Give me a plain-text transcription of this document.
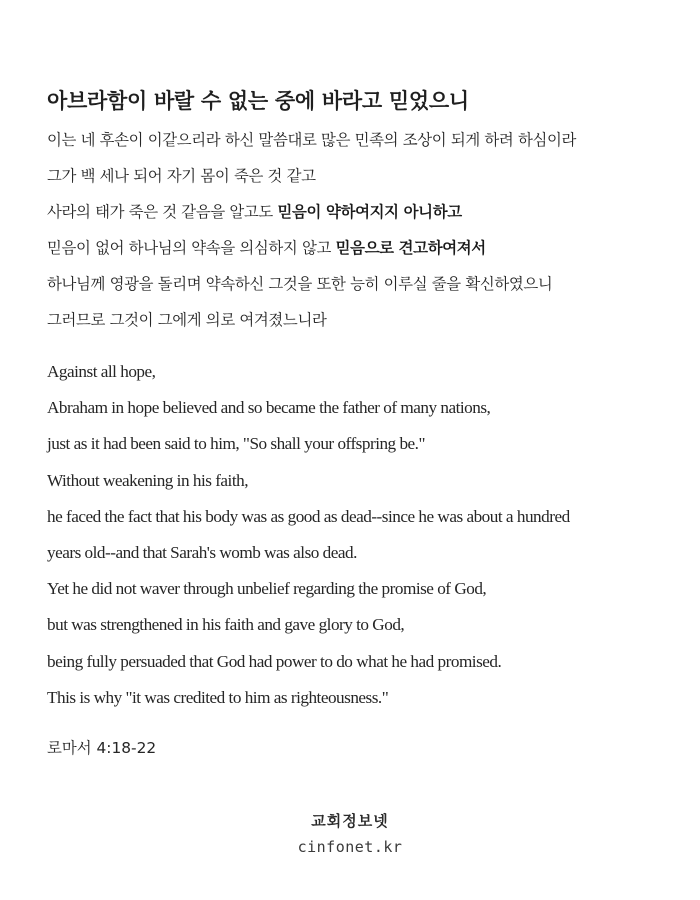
아브라함이 바랄 수 없는 중에 바라고 믿었으니
이는 네 후손이 이같으리라 하신 말씀대로 많은 민족의 조상이 되게 하려 하심이라
그가 백 세나 되어 자기 몸이 죽은 것 같고
사라의 태가 죽은 것 같음을 알고도 믿음이 약하여지지 아니하고
믿음이 없어 하나님의 약속을 의심하지 않고 믿음으로 견고하여져서
하나님께 영광을 돌리며 약속하신 그것을 또한 능히 이루실 줄을 확신하였으니
그러므로 그것이 그에게 의로 여겨졌느니라
Against all hope,
Abraham in hope believed and so became the father of many nations,
just as it had been said to him, "So shall your offspring be."
Without weakening in his faith,
he faced the fact that his body was as good as dead--since he was about a hundred
years old--and that Sarah's womb was also dead.
Yet he did not waver through unbelief regarding the promise of God,
but was strengthened in his faith and gave glory to God,
being fully persuaded that God had power to do what he had promised.
This is why "it was credited to him as righteousness."
로마서 4:18-22
교회정보넷
cinfonet.kr
